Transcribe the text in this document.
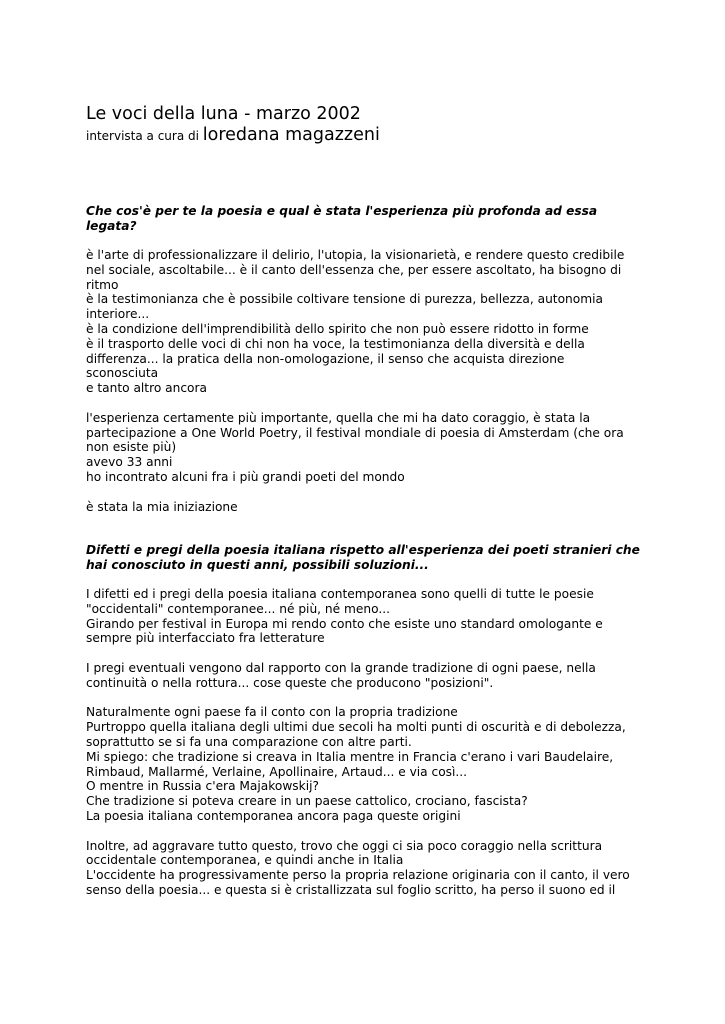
Le voci della luna - marzo 2002

intervista a cura di loredana magazzeni

Che cos'è per te la poesia e qual è stata l'esperienza più profonda ad essa
legata?
è l'arte di professionalizzare il delirio, l'utopia, la visionarietà, e rendere questo credibile
nel sociale, ascoltabile... è il canto dell'essenza che, per essere ascoltato, ha bisogno di
ritmo
è la testimonianza che è possibile coltivare tensione di purezza, bellezza, autonomia
interiore...
è la condizione dell'imprendibilità dello spirito che non può essere ridotto in forme
è il trasporto delle voci di chi non ha voce, la testimonianza della diversità e della
differenza... la pratica della non-omologazione, il senso che acquista direzione
sconosciuta
e tanto altro ancora
l'esperienza certamente più importante, quella che mi ha dato coraggio, è stata la
partecipazione a One World Poetry, il festival mondiale di poesia di Amsterdam (che ora
non esiste più)
avevo 33 anni
ho incontrato alcuni fra i più grandi poeti del mondo
è stata la mia iniziazione
Difetti e pregi della poesia italiana rispetto all'esperienza dei poeti stranieri che
hai conosciuto in questi anni, possibili soluzioni...
I difetti ed i pregi della poesia italiana contemporanea sono quelli di tutte le poesie
"occidentali" contemporanee... né più, né meno...
Girando per festival in Europa mi rendo conto che esiste uno standard omologante e
sempre più interfacciato fra letterature
I pregi eventuali vengono dal rapporto con la grande tradizione di ogni paese, nella
continuità o nella rottura... cose queste che producono "posizioni".
Naturalmente ogni paese fa il conto con la propria tradizione
Purtroppo quella italiana degli ultimi due secoli ha molti punti di oscurità e di debolezza,
soprattutto se si fa una comparazione con altre parti.
Mi spiego: che tradizione si creava in Italia mentre in Francia c'erano i vari Baudelaire,
Rimbaud, Mallarmé, Verlaine, Apollinaire, Artaud... e via così...
O mentre in Russia c'era Majakowskij?
Che tradizione si poteva creare in un paese cattolico, crociano, fascista?
La poesia italiana contemporanea ancora paga queste origini
Inoltre, ad aggravare tutto questo, trovo che oggi ci sia poco coraggio nella scrittura
occidentale contemporanea, e quindi anche in Italia
L'occidente ha progressivamente perso la propria relazione originaria con il canto, il vero
senso della poesia... e questa si è cristallizzata sul foglio scritto, ha perso il suono ed il
